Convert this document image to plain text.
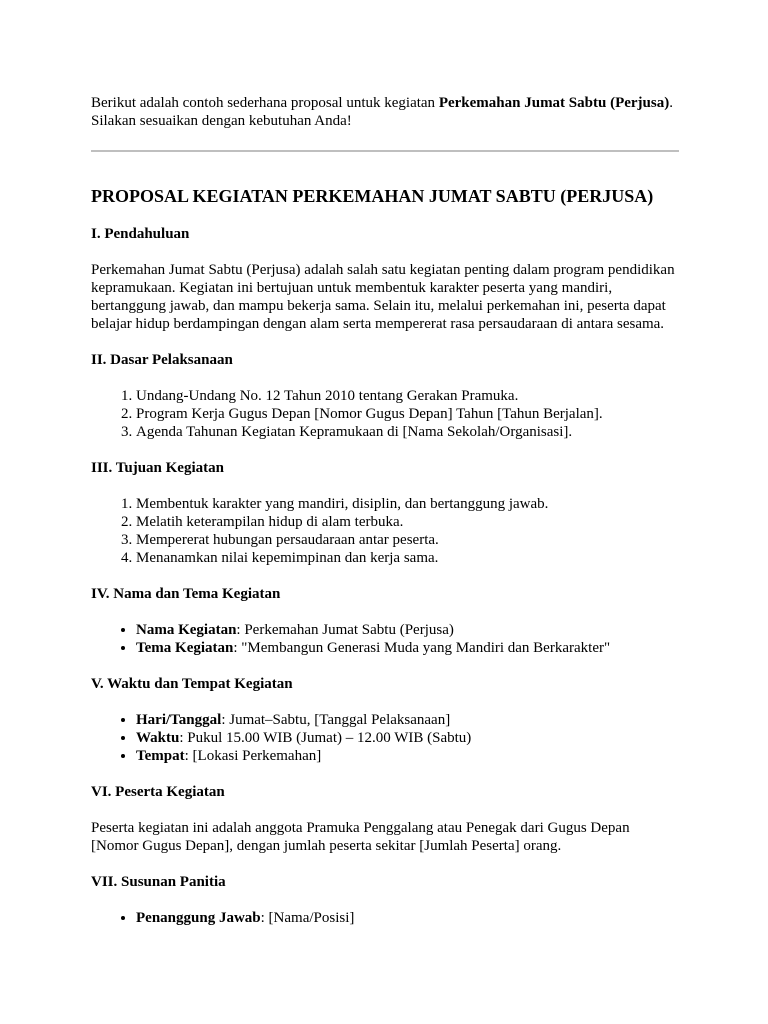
Berikut adalah contoh sederhana proposal untuk kegiatan Perkemahan Jumat Sabtu (Perjusa). Silakan sesuaikan dengan kebutuhan Anda!

PROPOSAL KEGIATAN PERKEMAHAN JUMAT SABTU (PERJUSA)
I. Pendahuluan

Perkemahan Jumat Sabtu (Perjusa) adalah salah satu kegiatan penting dalam program pendidikan kepramukaan. Kegiatan ini bertujuan untuk membentuk karakter peserta yang mandiri, bertanggung jawab, dan mampu bekerja sama. Selain itu, melalui perkemahan ini, peserta dapat belajar hidup berdampingan dengan alam serta mempererat rasa persaudaraan di antara sesama.

II. Dasar Pelaksanaan
1. Undang-Undang No. 12 Tahun 2010 tentang Gerakan Pramuka.
2. Program Kerja Gugus Depan [Nomor Gugus Depan] Tahun [Tahun Berjalan].
3. Agenda Tahunan Kegiatan Kepramukaan di [Nama Sekolah/Organisasi].
III. Tujuan Kegiatan
1. Membentuk karakter yang mandiri, disiplin, dan bertanggung jawab.
2. Melatih keterampilan hidup di alam terbuka.
3. Mempererat hubungan persaudaraan antar peserta.
4. Menanamkan nilai kepemimpinan dan kerja sama.
IV. Nama dan Tema Kegiatan
• Nama Kegiatan: Perkemahan Jumat Sabtu (Perjusa)
• Tema Kegiatan: "Membangun Generasi Muda yang Mandiri dan Berkarakter"
V. Waktu dan Tempat Kegiatan
• Hari/Tanggal: Jumat–Sabtu, [Tanggal Pelaksanaan]
• Waktu: Pukul 15.00 WIB (Jumat) – 12.00 WIB (Sabtu)
• Tempat: [Lokasi Perkemahan]
VI. Peserta Kegiatan

Peserta kegiatan ini adalah anggota Pramuka Penggalang atau Penegak dari Gugus Depan [Nomor Gugus Depan], dengan jumlah peserta sekitar [Jumlah Peserta] orang.

VII. Susunan Panitia
• Penanggung Jawab: [Nama/Posisi]
